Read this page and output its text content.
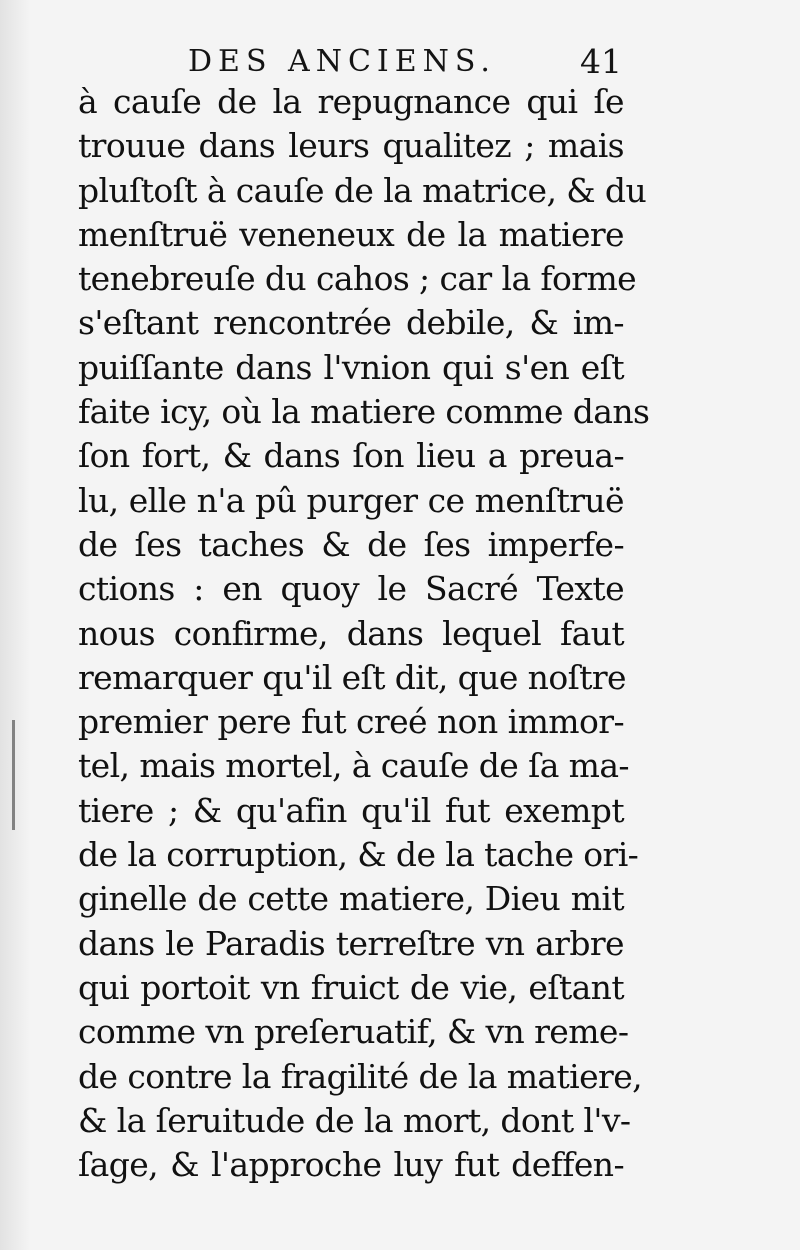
DES ANCIENS.	41
à cauſe de la repugnance qui ſe
trouue dans leurs qualitez ; mais
pluſtoſt à cauſe de la matrice, & du
menſtruë veneneux de la matiere
tenebreuſe du cahos ; car la forme
s'eſtant rencontrée debile, & im-
puiſſante dans l'vnion qui s'en eſt
faite icy, où la matiere comme dans
ſon fort, & dans ſon lieu a preua-
lu, elle n'a pû purger ce menſtruë
de ſes taches & de ſes imperfe-
ctions : en quoy le Sacré Texte
nous confirme, dans lequel faut
remarquer qu'il eſt dit, que noſtre
premier pere fut creé non immor-
tel, mais mortel, à cauſe de ſa ma-
tiere ; & qu'afin qu'il fut exempt
de la corruption, & de la tache ori-
ginelle de cette matiere, Dieu mit
dans le Paradis terreſtre vn arbre
qui portoit vn fruict de vie, eſtant
comme vn preſeruatif, & vn reme-
de contre la fragilité de la matiere,
& la ſeruitude de la mort, dont l'v-
ſage, & l'approche luy fut deffen-
